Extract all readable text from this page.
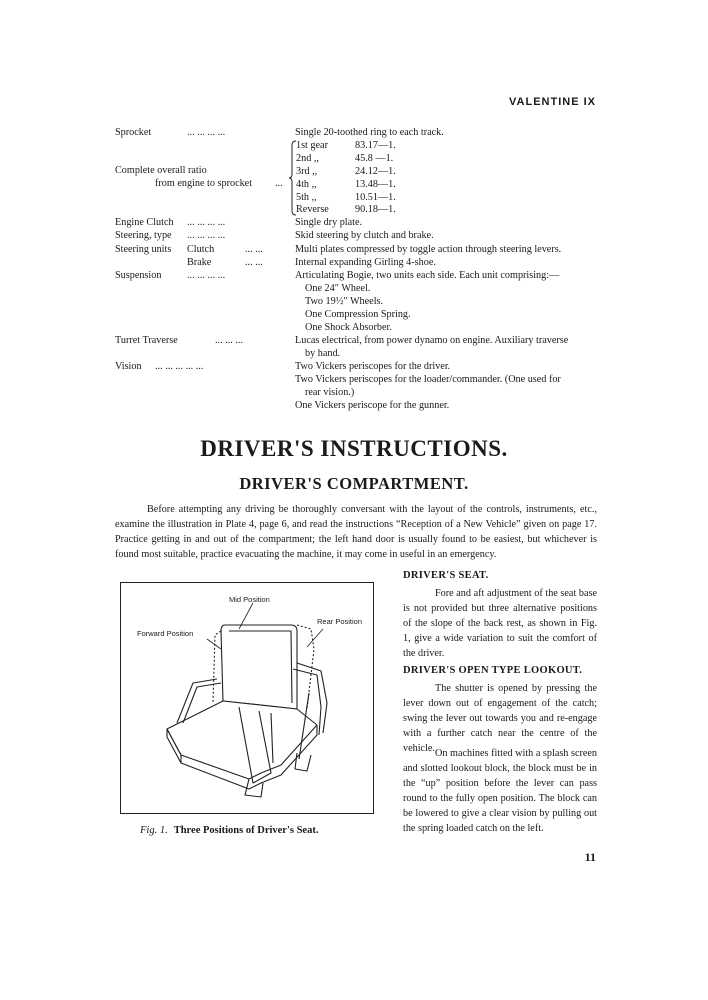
VALENTINE IX
Sprocket	... ... ... ...	Single 20-toothed ring to each track.
Complete overall ratio
from engine to sprocket ...
1st gear	83.17—1.
2nd ,,	45.8 —1.
3rd ,,	24.12—1.
4th ,,	13.48—1.
5th ,,	10.51—1.
Reverse	90.18—1.
Engine Clutch ... ... ... ...	Single dry plate.
Steering, type ... ... ... ...	Skid steering by clutch and brake.
Steering units Clutch	... ...	Multi plates compressed by toggle action through steering levers.
Brake	... ...	Internal expanding Girling 4-shoe.
Suspension	... ... ... ...	Articulating Bogie, two units each side. Each unit comprising:—
One 24″ Wheel.
Two 19½″ Wheels.
One Compression Spring.
One Shock Absorber.
Turret Traverse	... ... ...	Lucas electrical, from power dynamo on engine. Auxiliary traverse
by hand.
Vision ... ... ... ... ...	Two Vickers periscopes for the driver.
Two Vickers periscopes for the loader/commander. (One used for
rear vision.)
One Vickers periscope for the gunner.
DRIVER'S INSTRUCTIONS.
DRIVER'S COMPARTMENT.
Before attempting any driving be thoroughly conversant with the layout of the controls, instruments, etc., examine the illustration in Plate 4, page 6, and read the instructions “Reception of a New Vehicle” given on page 17. Practice getting in and out of the compartment; the left hand door is usually found to be easiest, but whichever is found most suitable, practice evacuating the machine, it may come in useful in an emergency.
Mid Position
Rear Position
Forward Position
Fig. 1. Three Positions of Driver's Seat.
DRIVER'S SEAT.
Fore and aft adjustment of the seat base is not provided but three alternative positions of the slope of the back rest, as shown in Fig. 1, give a wide variation to suit the comfort of the driver.
DRIVER'S OPEN TYPE LOOKOUT.
The shutter is opened by pressing the lever down out of engagement of the catch; swing the lever out towards you and re-engage with a further catch near the centre of the vehicle. On machines fitted with a splash screen and slotted lookout block, the block must be in the “up” position before the lever can pass round to the fully open position. The block can be lowered to give a clear vision by pulling out the spring loaded catch on the left.
11
